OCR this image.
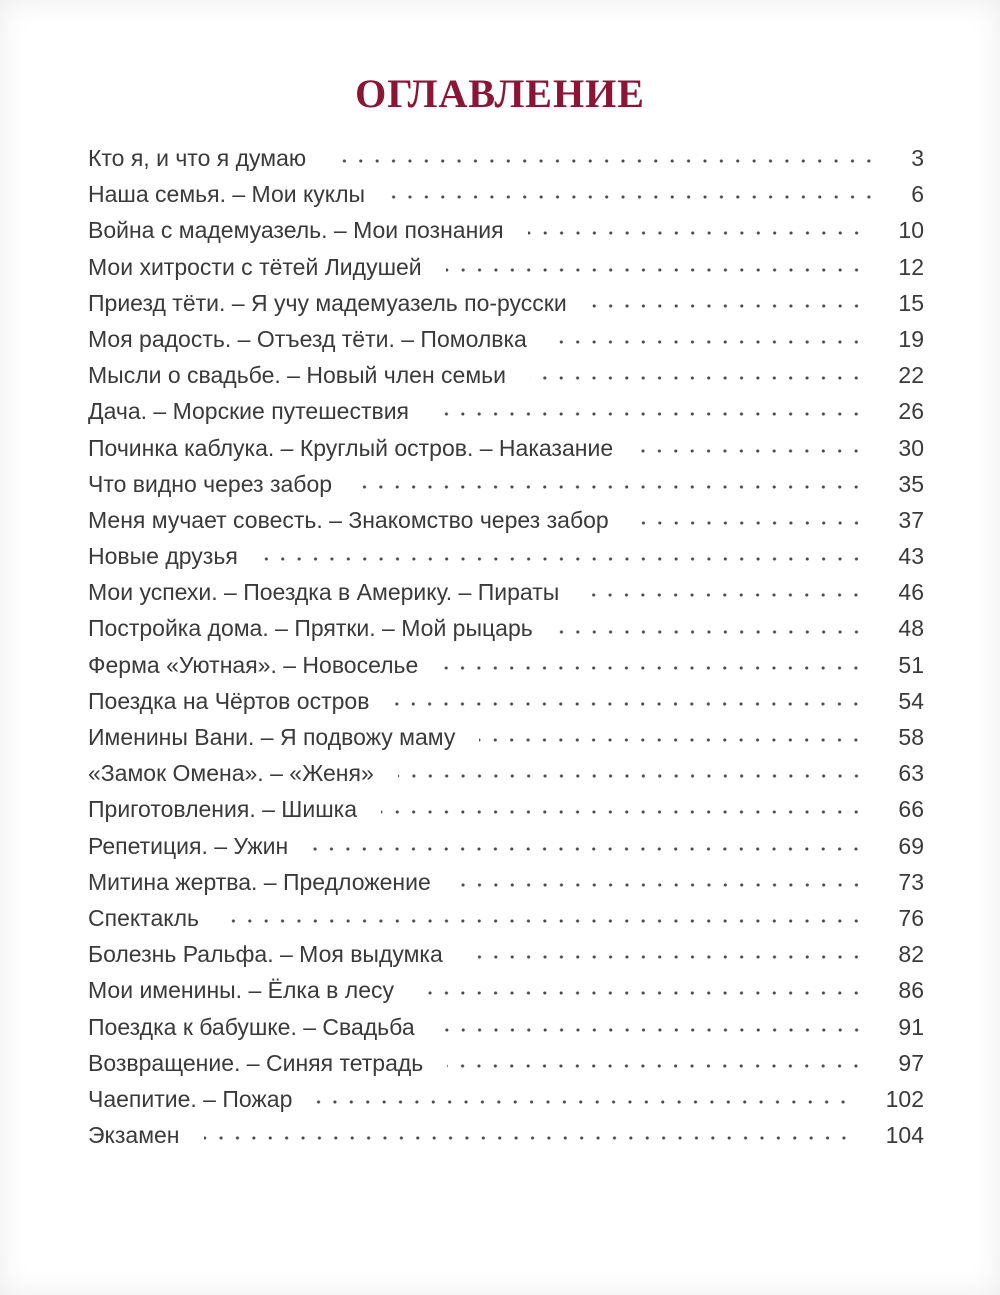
ОГЛАВЛЕНИЕ
Кто я, и что я думаю	3
Наша семья. – Мои куклы	6
Война с мадемуазель. – Мои познания	10
Мои хитрости с тётей Лидушей	12
Приезд тёти. – Я учу мадемуазель по-русски	15
Моя радость. – Отъезд тёти. – Помолвка	19
Мысли о свадьбе. – Новый член семьи	22
Дача. – Морские путешествия	26
Починка каблука. – Круглый остров. – Наказание	30
Что видно через забор	35
Меня мучает совесть. – Знакомство через забор	37
Новые друзья	43
Мои успехи. – Поездка в Америку. – Пираты	46
Постройка дома. – Прятки. – Мой рыцарь	48
Ферма «Уютная». – Новоселье	51
Поездка на Чёртов остров	54
Именины Вани. – Я подвожу маму	58
«Замок Омена». – «Женя»	63
Приготовления. – Шишка	66
Репетиция. – Ужин	69
Митина жертва. – Предложение	73
Спектакль	76
Болезнь Ральфа. – Моя выдумка	82
Мои именины. – Ёлка в лесу	86
Поездка к бабушке. – Свадьба	91
Возвращение. – Синяя тетрадь	97
Чаепитие. – Пожар	102
Экзамен	104
